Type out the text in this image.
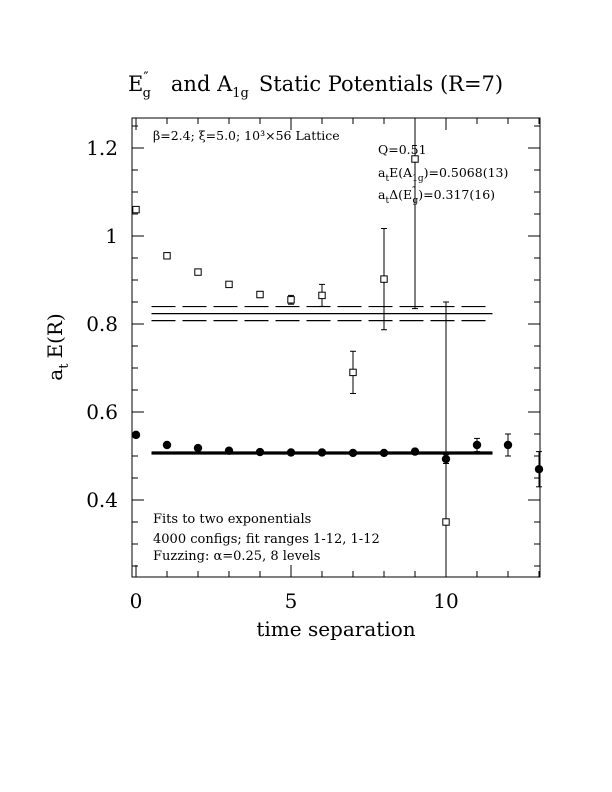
E″ g and $A_{1g}$ Static Potentials (R=7)
0	5	10
0.4
0.6
0.8
1
1.2
time separation
$a_tE(R)$
β=2.4; ξ=5.0; 10³×56 Lattice
Q=0.51
$a_tE(A_{1g})=0.5068(13)$
$a_t\Delta(E''$ g)=0.317(16)
Fits to two exponentials
4000 configs; fit ranges 1-12, 1-12
Fuzzing: α=0.25, 8 levels
